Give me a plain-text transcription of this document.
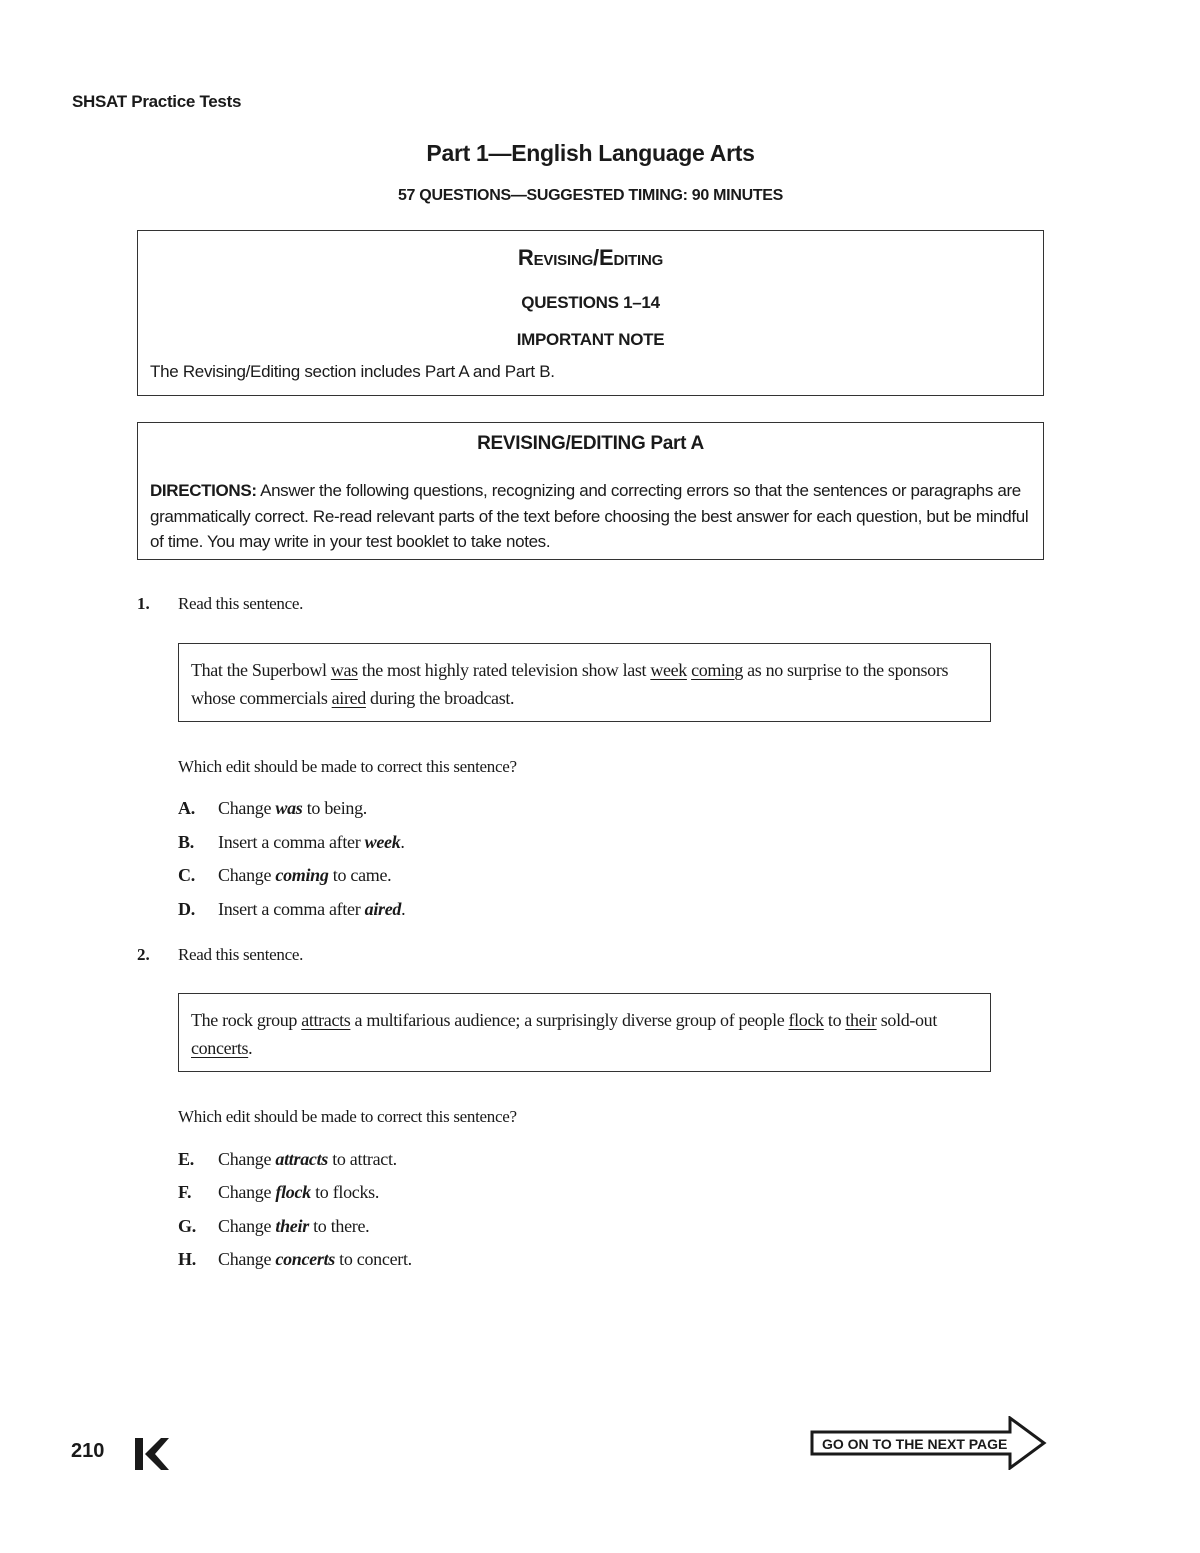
SHSAT Practice Tests
Part 1—English Language Arts
57 QUESTIONS—SUGGESTED TIMING: 90 MINUTES
Revising/Editing
QUESTIONS 1–14
IMPORTANT NOTE
The Revising/Editing section includes Part A and Part B.
REVISING/EDITING Part A
DIRECTIONS: Answer the following questions, recognizing and correcting errors so that the sentences or paragraphs are grammatically correct. Re-read relevant parts of the text before choosing the best answer for each question, but be mindful of time. You may write in your test booklet to take notes.
1. Read this sentence.
That the Superbowl was the most highly rated television show last week coming as no surprise to the sponsors whose commercials aired during the broadcast.
Which edit should be made to correct this sentence?
A. Change was to being.
B. Insert a comma after week.
C. Change coming to came.
D. Insert a comma after aired.
2. Read this sentence.
The rock group attracts a multifarious audience; a surprisingly diverse group of people flock to their sold-out concerts.
Which edit should be made to correct this sentence?
E. Change attracts to attract.
F. Change flock to flocks.
G. Change their to there.
H. Change concerts to concert.
210	GO ON TO THE NEXT PAGE
